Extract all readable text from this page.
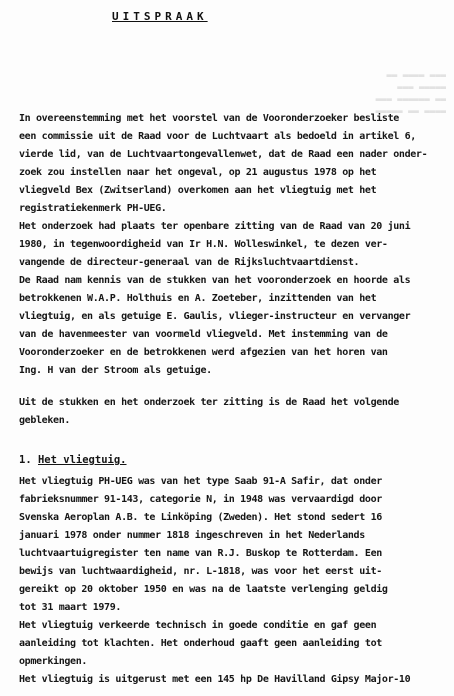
▬▬▬ ▬▬▬▬ ▬▬
▬▬▬▬▬ ▬▬▬
▬▬ ▬▬▬▬▬▬ ▬▬▬
▬▬▬▬ ▬▬ ▬▬▬▬▬
UITSPRAAK
In overeenstemming met het voorstel van de Vooronderzoeker besliste
een commissie uit de Raad voor de Luchtvaart als bedoeld in artikel 6,
vierde lid, van de Luchtvaartongevallenwet, dat de Raad een nader onder-
zoek zou instellen naar het ongeval, op 21 augustus 1978 op het
vliegveld Bex (Zwitserland) overkomen aan het vliegtuig met het
registratiekenmerk PH-UEG.
Het onderzoek had plaats ter openbare zitting van de Raad van 20 juni
1980, in tegenwoordigheid van Ir H.N. Wolleswinkel, te dezen ver-
vangende de directeur-generaal van de Rijksluchtvaartdienst.
De Raad nam kennis van de stukken van het vooronderzoek en hoorde als
betrokkenen W.A.P. Holthuis en A. Zoeteber, inzittenden van het
vliegtuig, en als getuige E. Gaulis, vlieger-instructeur en vervanger
van de havenmeester van voormeld vliegveld. Met instemming van de
Vooronderzoeker en de betrokkenen werd afgezien van het horen van
Ing. H van der Stroom als getuige.
Uit de stukken en het onderzoek ter zitting is de Raad het volgende
gebleken.
1. Het vliegtuig.
Het vliegtuig PH-UEG was van het type Saab 91-A Safir, dat onder
fabrieksnummer 91-143, categorie N, in 1948 was vervaardigd door
Svenska Aeroplan A.B. te Linköping (Zweden). Het stond sedert 16
januari 1978 onder nummer 1818 ingeschreven in het Nederlands
luchtvaartuigregister ten name van R.J. Buskop te Rotterdam. Een
bewijs van luchtwaardigheid, nr. L-1818, was voor het eerst uit-
gereikt op 20 oktober 1950 en was na de laatste verlenging geldig
tot 31 maart 1979.
Het vliegtuig verkeerde technisch in goede conditie en gaf geen
aanleiding tot klachten. Het onderhoud gaaft geen aanleiding tot
opmerkingen.
Het vliegtuig is uitgerust met een 145 hp De Havilland Gipsy Major-10
